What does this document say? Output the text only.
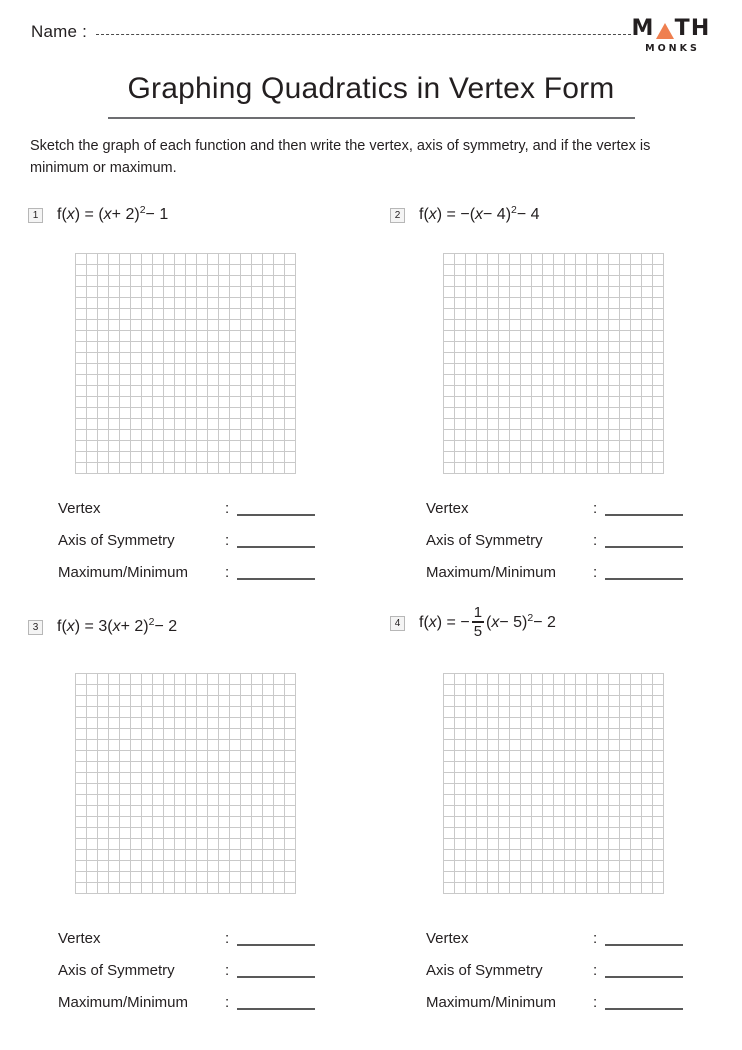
Name :	M TH
MONKS
Graphing Quadratics in Vertex Form
Sketch the graph of each function and then write the vertex, axis of symmetry, and if the vertex is minimum or maximum.
1 f( x ) = ( x + 2) 2 − 1
Vertex	:
Axis of Symmetry	:
Maximum/Minimum	:
2 f( x ) = −( x − 4) 2 − 4
Vertex	:
Axis of Symmetry	:
Maximum/Minimum	:
3 f( x ) = 3( x + 2) 2 − 2
Vertex	:
Axis of Symmetry	:
Maximum/Minimum	:
4 f( x ) = − $\frac{1}{5}$ ( x − 5) 2 − 2
Vertex	:
Axis of Symmetry	:
Maximum/Minimum	:
